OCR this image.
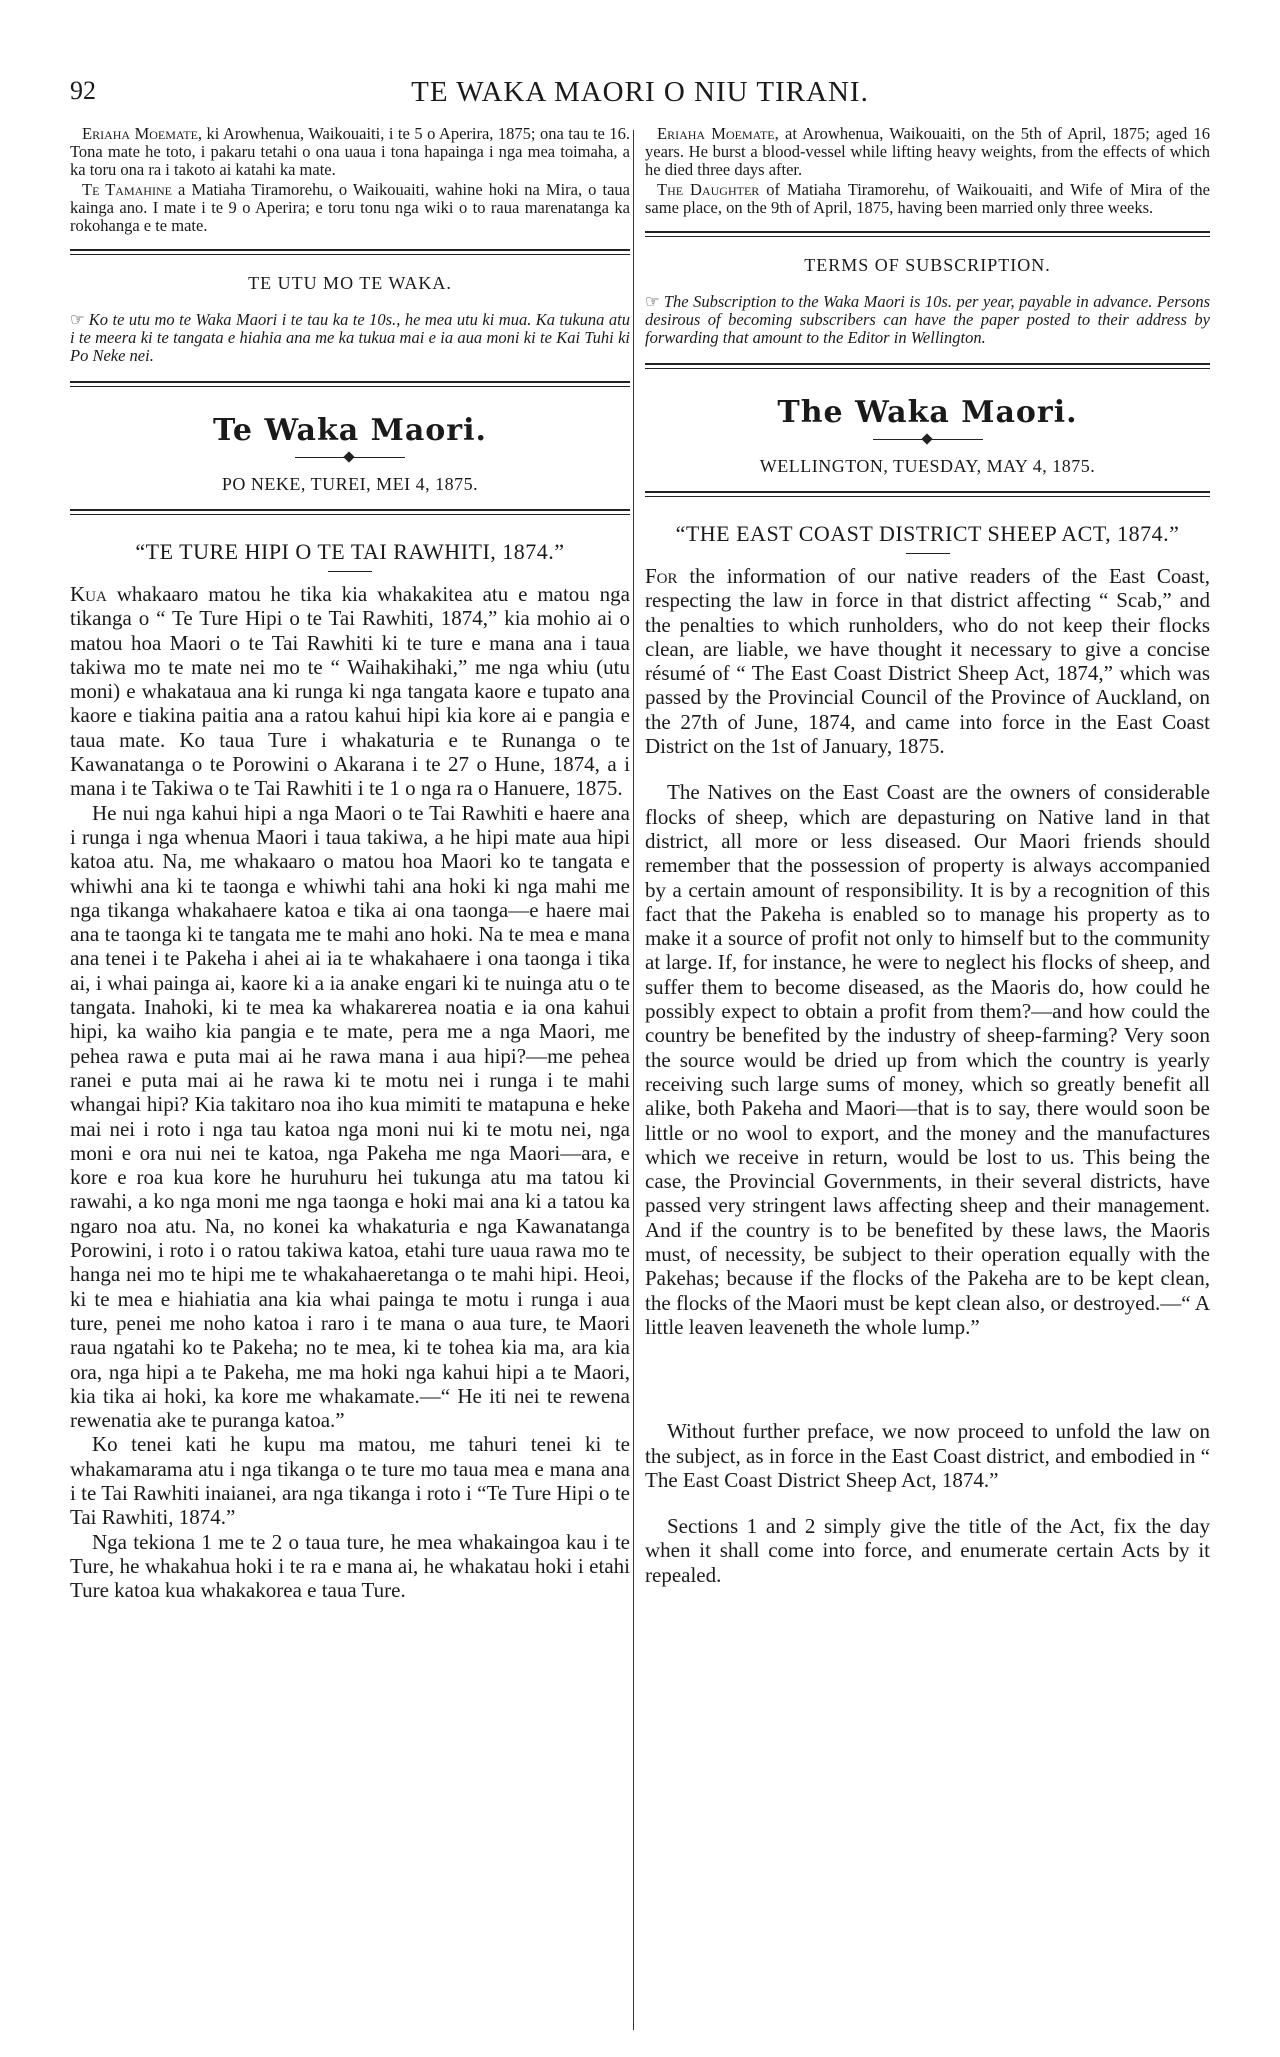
92	TE WAKA MAORI O NIU TIRANI.

Eriaha Moemate, ki Arowhenua, Waikouaiti, i te 5 o Aperira, 1875; ona tau te 16. Tona mate he toto, i pakaru tetahi o ona uaua i tona hapainga i nga mea toimaha, a ka toru ona ra i takoto ai katahi ka mate.

Te Tamahine a Matiaha Tiramorehu, o Waikouaiti, wahine hoki na Mira, o taua kainga ano. I mate i te 9 o Aperira; e toru tonu nga wiki o to raua marenatanga ka rokohanga e te mate.

TE UTU MO TE WAKA.

☞ Ko te utu mo te Waka Maori i te tau ka te 10s., he mea utu ki mua. Ka tukuna atu i te meera ki te tangata e hiahia ana me ka tukua mai e ia aua moni ki te Kai Tuhi ki Po Neke nei.

Te Waka Maori.
PO NEKE, TUREI, MEI 4, 1875.
“TE TURE HIPI O TE TAI RAWHITI, 1874.”

Kua whakaaro matou he tika kia whakakitea atu e matou nga tikanga o “ Te Ture Hipi o te Tai Rawhiti, 1874,” kia mohio ai o matou hoa Maori o te Tai Rawhiti ki te ture e mana ana i taua takiwa mo te mate nei mo te “ Waihakihaki,” me nga whiu (utu moni) e whakataua ana ki runga ki nga tangata kaore e tupato ana kaore e tiakina paitia ana a ratou kahui hipi kia kore ai e pangia e taua mate. Ko taua Ture i whakaturia e te Runanga o te Kawanatanga o te Porowini o Akarana i te 27 o Hune, 1874, a i mana i te Takiwa o te Tai Rawhiti i te 1 o nga ra o Hanuere, 1875.

He nui nga kahui hipi a nga Maori o te Tai Rawhiti e haere ana i runga i nga whenua Maori i taua takiwa, a he hipi mate aua hipi katoa atu. Na, me whakaaro o matou hoa Maori ko te tangata e whiwhi ana ki te taonga e whiwhi tahi ana hoki ki nga mahi me nga tikanga whakahaere katoa e tika ai ona taonga—e haere mai ana te taonga ki te tangata me te mahi ano hoki. Na te mea e mana ana tenei i te Pakeha i ahei ai ia te whakahaere i ona taonga i tika ai, i whai painga ai, kaore ki a ia anake engari ki te nuinga atu o te tangata. Inahoki, ki te mea ka whakarerea noatia e ia ona kahui hipi, ka waiho kia pangia e te mate, pera me a nga Maori, me pehea rawa e puta mai ai he rawa mana i aua hipi?—me pehea ranei e puta mai ai he rawa ki te motu nei i runga i te mahi whangai hipi? Kia takitaro noa iho kua mimiti te matapuna e heke mai nei i roto i nga tau katoa nga moni nui ki te motu nei, nga moni e ora nui nei te katoa, nga Pakeha me nga Maori—ara, e kore e roa kua kore he huruhuru hei tukunga atu ma tatou ki rawahi, a ko nga moni me nga taonga e hoki mai ana ki a tatou ka ngaro noa atu. Na, no konei ka whakaturia e nga Kawanatanga Porowini, i roto i o ratou takiwa katoa, etahi ture uaua rawa mo te hanga nei mo te hipi me te whakahaeretanga o te mahi hipi. Heoi, ki te mea e hiahiatia ana kia whai painga te motu i runga i aua ture, penei me noho katoa i raro i te mana o aua ture, te Maori raua ngatahi ko te Pakeha; no te mea, ki te tohea kia ma, ara kia ora, nga hipi a te Pakeha, me ma hoki nga kahui hipi a te Maori, kia tika ai hoki, ka kore me whakamate.—“ He iti nei te rewena rewenatia ake te puranga katoa.”

Ko tenei kati he kupu ma matou, me tahuri tenei ki te whakamarama atu i nga tikanga o te ture mo taua mea e mana ana i te Tai Rawhiti inaianei, ara nga tikanga i roto i “Te Ture Hipi o te Tai Rawhiti, 1874.”

Nga tekiona 1 me te 2 o taua ture, he mea whakaingoa kau i te Ture, he whakahua hoki i te ra e mana ai, he whakatau hoki i etahi Ture katoa kua whakakorea e taua Ture.

Eriaha Moemate, at Arowhenua, Waikouaiti, on the 5th of April, 1875; aged 16 years. He burst a blood-vessel while lifting heavy weights, from the effects of which he died three days after.

The Daughter of Matiaha Tiramorehu, of Waikouaiti, and Wife of Mira of the same place, on the 9th of April, 1875, having been married only three weeks.

TERMS OF SUBSCRIPTION.

☞ The Subscription to the Waka Maori is 10s. per year, payable in advance. Persons desirous of becoming subscribers can have the paper posted to their address by forwarding that amount to the Editor in Wellington.

The Waka Maori.
WELLINGTON, TUESDAY, MAY 4, 1875.
“THE EAST COAST DISTRICT SHEEP ACT, 1874.”

For the information of our native readers of the East Coast, respecting the law in force in that district affecting “ Scab,” and the penalties to which runholders, who do not keep their flocks clean, are liable, we have thought it necessary to give a concise résumé of “ The East Coast District Sheep Act, 1874,” which was passed by the Provincial Council of the Province of Auckland, on the 27th of June, 1874, and came into force in the East Coast District on the 1st of January, 1875.

The Natives on the East Coast are the owners of considerable flocks of sheep, which are depasturing on Native land in that district, all more or less diseased. Our Maori friends should remember that the possession of property is always accompanied by a certain amount of responsibility. It is by a recognition of this fact that the Pakeha is enabled so to manage his property as to make it a source of profit not only to himself but to the community at large. If, for instance, he were to neglect his flocks of sheep, and suffer them to become diseased, as the Maoris do, how could he possibly expect to obtain a profit from them?—and how could the country be benefited by the industry of sheep-farming? Very soon the source would be dried up from which the country is yearly receiving such large sums of money, which so greatly benefit all alike, both Pakeha and Maori—that is to say, there would soon be little or no wool to export, and the money and the manufactures which we receive in return, would be lost to us. This being the case, the Provincial Governments, in their several districts, have passed very stringent laws affecting sheep and their management. And if the country is to be benefited by these laws, the Maoris must, of necessity, be subject to their operation equally with the Pakehas; because if the flocks of the Pakeha are to be kept clean, the flocks of the Maori must be kept clean also, or destroyed.—“ A little leaven leaveneth the whole lump.”

Without further preface, we now proceed to unfold the law on the subject, as in force in the East Coast district, and embodied in “ The East Coast District Sheep Act, 1874.”

Sections 1 and 2 simply give the title of the Act, fix the day when it shall come into force, and enumerate certain Acts by it repealed.
